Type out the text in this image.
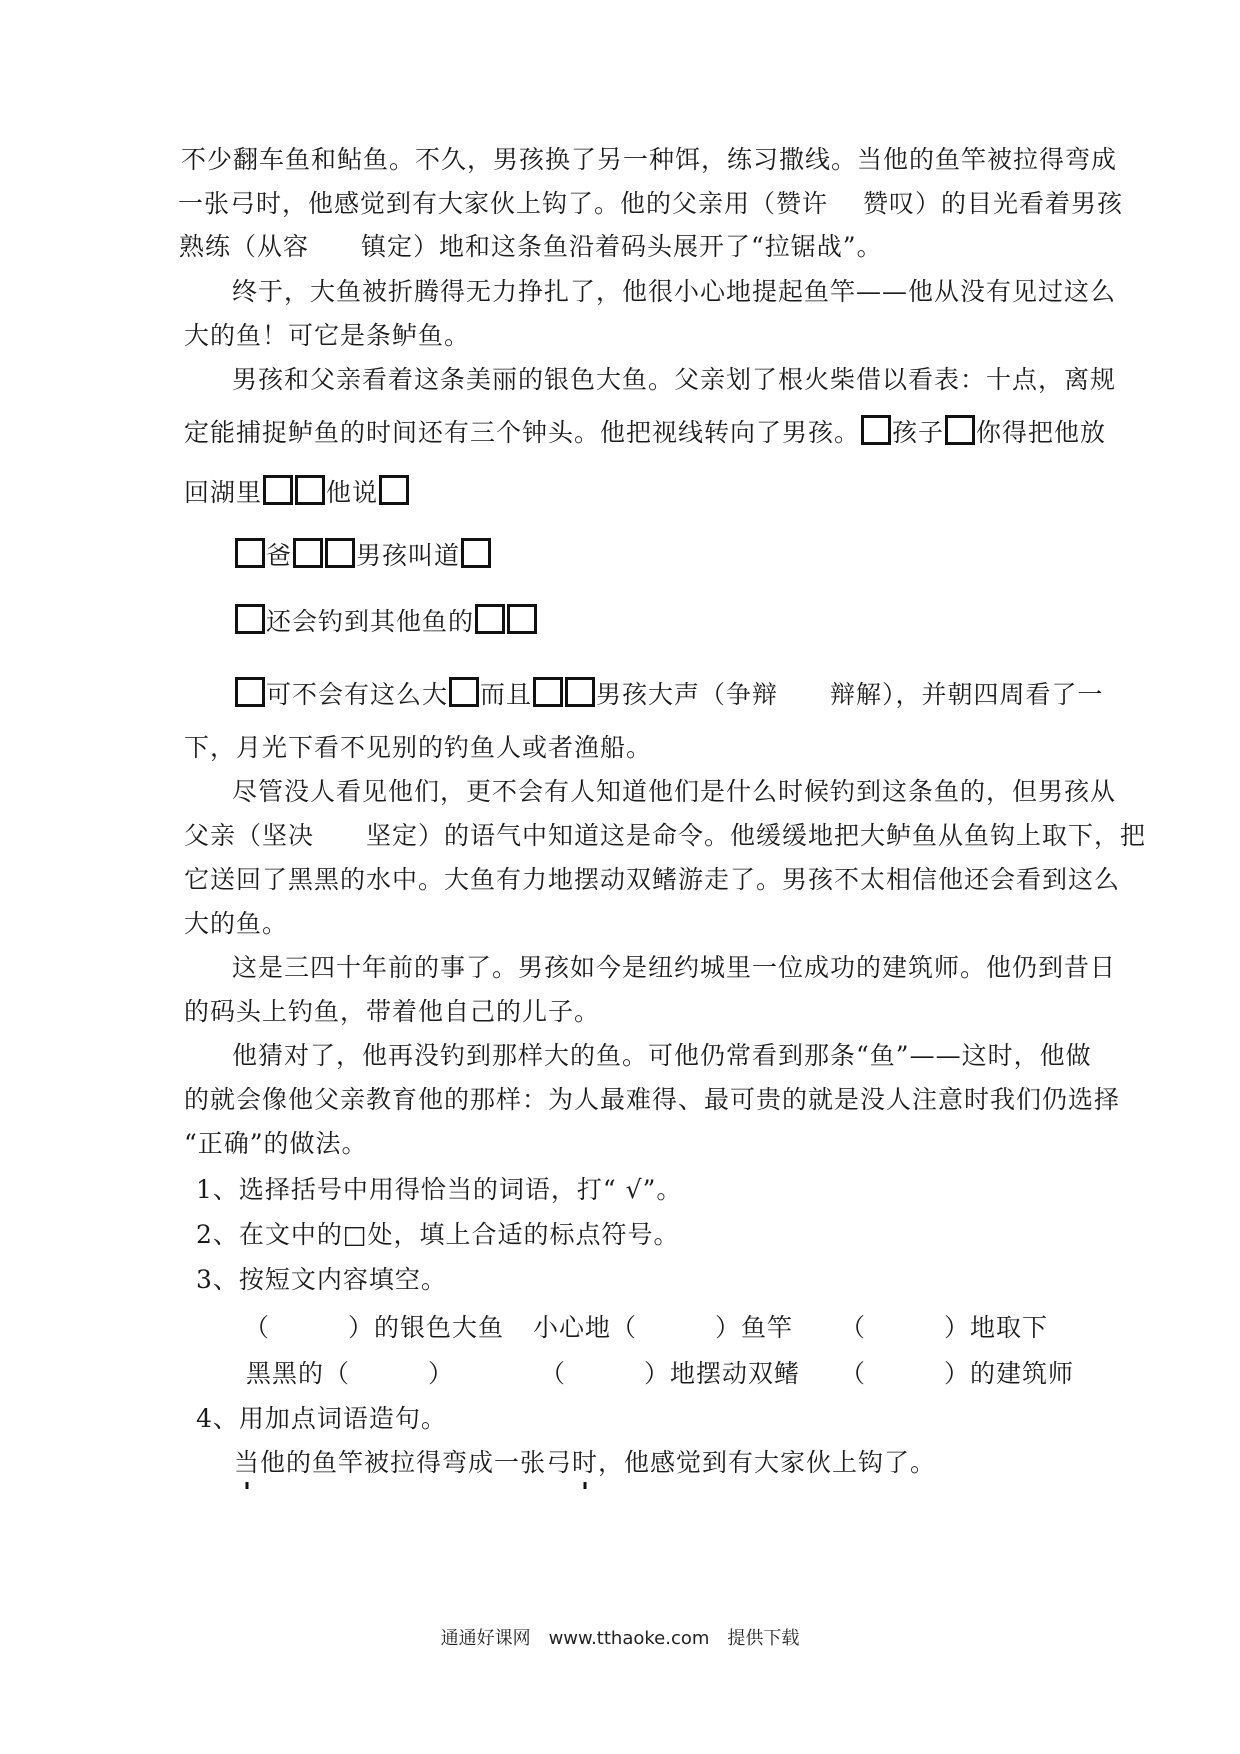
不少翻车鱼和鲇鱼。不久，男孩换了另一种饵，练习撒线。当他的鱼竿被拉得弯成
一张弓时，他感觉到有大家伙上钩了。他的父亲用（赞许　 赞叹）的目光看着男孩
熟练（从容　　镇定）地和这条鱼沿着码头展开了“拉锯战”。
终于，大鱼被折腾得无力挣扎了，他很小心地提起鱼竿——他从没有见过这么
大的鱼！可它是条鲈鱼。
男孩和父亲看着这条美丽的银色大鱼。父亲划了根火柴借以看表：十点，离规
定能捕捉鲈鱼的时间还有三个钟头。他把视线转向了男孩。 孩子 你得把他放
回湖里	他说
爸	男孩叫道
还会钓到其他鱼的
可不会有这么大 而且	男孩大声（争辩　　辩解），并朝四周看了一
下，月光下看不见别的钓鱼人或者渔船。
尽管没人看见他们，更不会有人知道他们是什么时候钓到这条鱼的，但男孩从
父亲（坚决　　坚定）的语气中知道这是命令。他缓缓地把大鲈鱼从鱼钩上取下，把
它送回了黑黑的水中。大鱼有力地摆动双鳍游走了。男孩不太相信他还会看到这么
大的鱼。
这是三四十年前的事了。男孩如今是纽约城里一位成功的建筑师。他仍到昔日
的码头上钓鱼，带着他自己的儿子。
他猜对了，他再没钓到那样大的鱼。可他仍常看到那条“鱼”——这时，他做
的就会像他父亲教育他的那样：为人最难得、最可贵的就是没人注意时我们仍选择
“正确”的做法。
1、选择括号中用得恰当的词语，打“ √”。
2、在文中的□处，填上合适的标点符号。
3、按短文内容填空。
（　　　）的银色大鱼 小心地（　　　）鱼竿 （　　　）地取下
黑黑的（　　　）	（　　　）地摆动双鳍 （　　　）的建筑师
4、用加点词语造句。
当他的鱼竿被拉得弯成一张弓时，他感觉到有大家伙上钩了。
通通好课网　www.tthaoke.com　提供下载
